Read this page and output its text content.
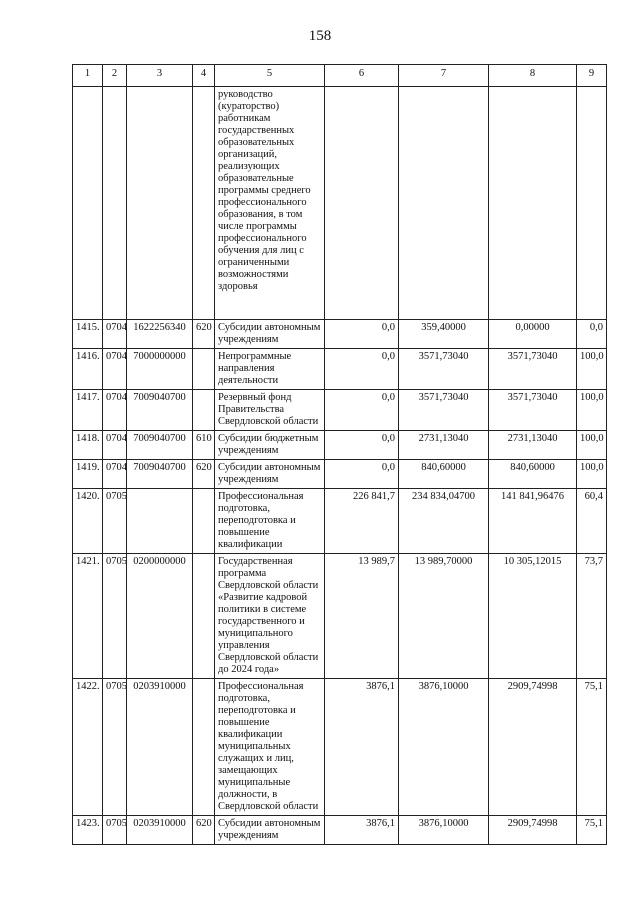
158
1	2	3	4	5	6	7	8	9
				руководство (кураторство) работникам государственных образовательных организаций, реализующих образовательные программы среднего профессионального образования, в том числе программы профессионального обучения для лиц с ограниченными возможностями здоровья				
1415.	0704	1622256340	620	Субсидии автономным учреждениям	0,0	359,40000	0,00000	0,0
1416.	0704	7000000000		Непрограммные направления деятельности	0,0	3571,73040	3571,73040	100,0
1417.	0704	7009040700		Резервный фонд Правительства Свердловской области	0,0	3571,73040	3571,73040	100,0
1418.	0704	7009040700	610	Субсидии бюджетным учреждениям	0,0	2731,13040	2731,13040	100,0
1419.	0704	7009040700	620	Субсидии автономным учреждениям	0,0	840,60000	840,60000	100,0
1420.	0705			Профессиональная подготовка, переподготовка и повышение квалификации	226 841,7	234 834,04700	141 841,96476	60,4
1421.	0705	0200000000		Государственная программа Свердловской области «Развитие кадровой политики в системе государственного и муниципального управления Свердловской области до 2024 года»	13 989,7	13 989,70000	10 305,12015	73,7
1422.	0705	0203910000		Профессиональная подготовка, переподготовка и повышение квалификации муниципальных служащих и лиц, замещающих муниципальные должности, в Свердловской области	3876,1	3876,10000	2909,74998	75,1
1423.	0705	0203910000	620	Субсидии автономным учреждениям	3876,1	3876,10000	2909,74998	75,1
